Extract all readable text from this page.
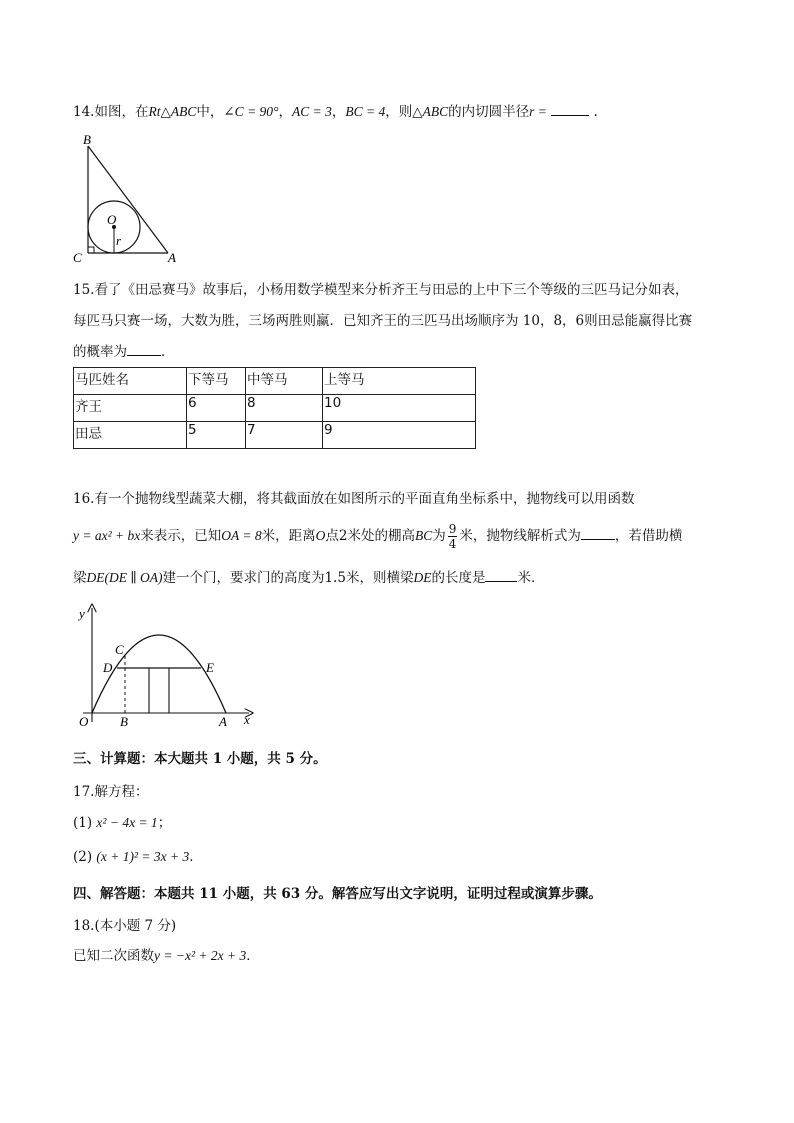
14.如图，在Rt△ABC中，∠C = 90°，AC = 3，BC = 4，则△ABC的内切圆半径r =	.
B
C	A
O
r
15.看了《田忌赛马》故事后，小杨用数学模型来分析齐王与田忌的上中下三个等级的三匹马记分如表，
每匹马只赛一场，大数为胜，三场两胜则赢．已知齐王的三匹马出场顺序为 10，8，6则田忌能赢得比赛
的概率为	．
马匹姓名	下等马	中等马	上等马
齐王	6	8	10
田忌	5	7	9
16.有一个抛物线型蔬菜大棚，将其截面放在如图所示的平面直角坐标系中，抛物线可以用函数
y = ax² + bx来表示，已知OA = 8米，距离O点2米处的棚高BC为 $\frac{9}{4}$ 米，抛物线解析式为	，若借助横
梁DE(DE ∥ OA)建一个门，要求门的高度为1.5米，则横梁DE的长度是 米．
y
x
O B	A
C
D	E
三、计算题：本大题共 1 小题，共 5 分。
17.解方程：
(1) x² − 4x = 1；
(2) (x + 1)² = 3x + 3．
四、解答题：本题共 11 小题，共 63 分。解答应写出文字说明，证明过程或演算步骤。
18.(本小题 7 分)
已知二次函数y = −x² + 2x + 3．
